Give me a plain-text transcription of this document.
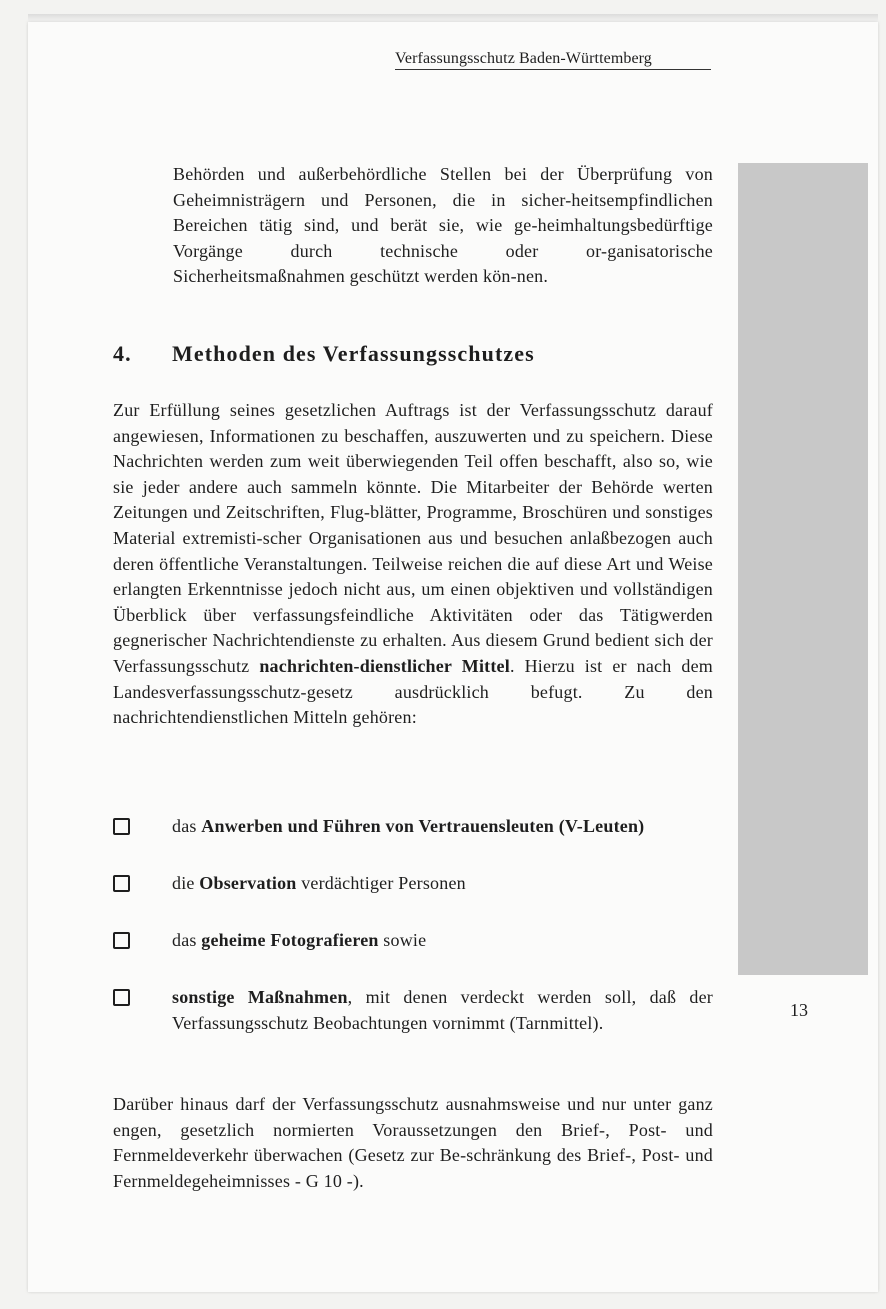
Verfassungsschutz Baden-Württemberg

Behörden und außerbehördliche Stellen bei der Überprüfung von Geheimnisträgern und Personen, die in sicher-heitsempfindlichen Bereichen tätig sind, und berät sie, wie ge-heimhaltungsbedürftige Vorgänge durch technische oder or-ganisatorische Sicherheitsmaßnahmen geschützt werden kön-nen.

4. Methoden des Verfassungsschutzes

Zur Erfüllung seines gesetzlichen Auftrags ist der Verfassungsschutz darauf angewiesen, Informationen zu beschaffen, auszuwerten und zu speichern. Diese Nachrichten werden zum weit überwiegenden Teil offen beschafft, also so, wie sie jeder andere auch sammeln könnte. Die Mitarbeiter der Behörde werten Zeitungen und Zeitschriften, Flug-blätter, Programme, Broschüren und sonstiges Material extremisti-scher Organisationen aus und besuchen anlaßbezogen auch deren öffentliche Veranstaltungen. Teilweise reichen die auf diese Art und Weise erlangten Erkenntnisse jedoch nicht aus, um einen objektiven und vollständigen Überblick über verfassungsfeindliche Aktivitäten oder das Tätigwerden gegnerischer Nachrichtendienste zu erhalten. Aus diesem Grund bedient sich der Verfassungsschutz nachrichten-dienstlicher Mittel. Hierzu ist er nach dem Landesverfassungsschutz-gesetz ausdrücklich befugt. Zu den nachrichtendienstlichen Mitteln gehören:

das Anwerben und Führen von Vertrauensleuten (V-Leuten)

die Observation verdächtiger Personen

das geheime Fotografieren sowie

sonstige Maßnahmen, mit denen verdeckt werden soll, daß der Verfassungsschutz Beobachtungen vornimmt (Tarnmittel).

Darüber hinaus darf der Verfassungsschutz ausnahmsweise und nur unter ganz engen, gesetzlich normierten Voraussetzungen den Brief-, Post- und Fernmeldeverkehr überwachen (Gesetz zur Be-schränkung des Brief-, Post- und Fernmeldegeheimnisses - G 10 -).

13
